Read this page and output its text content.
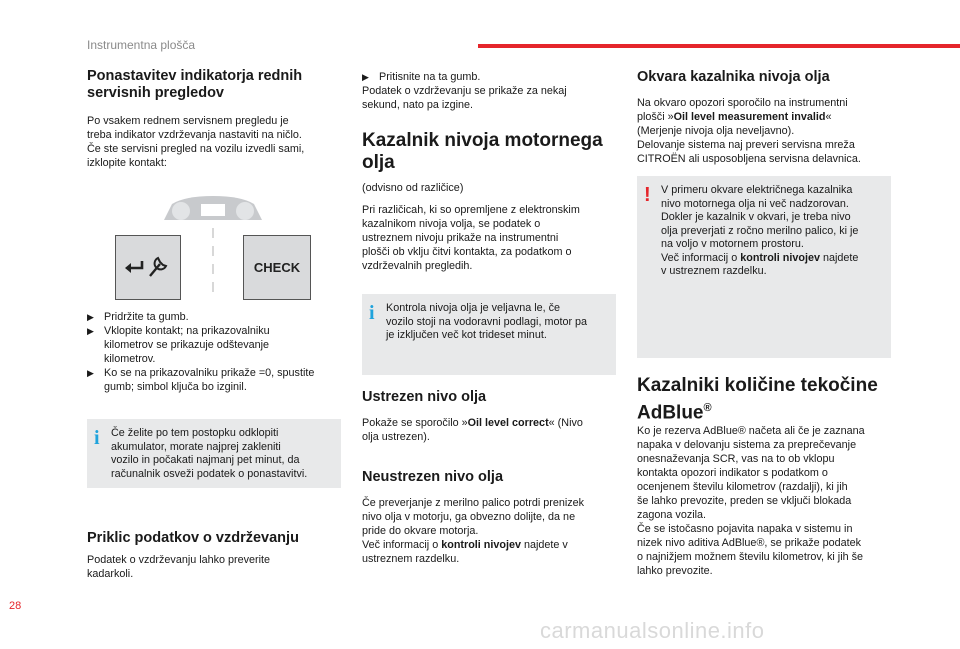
Instrumentna plošča
Ponastavitev indikatorja rednih
servisnih pregledov

Po vsakem rednem servisnem pregledu je

treba indikator vzdrževanja nastaviti na ničlo.

Če ste servisni pregled na vozilu izvedli sami,

izklopite kontakt:

CHECK
▶ Pridržite ta gumb.
▶ Vklopite kontakt; na prikazovalniku
kilometrov se prikazuje odštevanje
kilometrov.
▶ Ko se na prikazovalniku prikaže =0, spustite
gumb; simbol ključa bo izginil.
i Če želite po tem postopku odklopiti
akumulator, morate najprej zakleniti
vozilo in počakati najmanj pet minut, da
računalnik osveži podatek o ponastavitvi.
Priklic podatkov o vzdrževanju

Podatek o vzdrževanju lahko preverite

kadarkoli.

▶ Pritisnite na ta gumb.

Podatek o vzdrževanju se prikaže za nekaj

sekund, nato pa izgine.

Kazalnik nivoja motornega
olja

(odvisno od različice)

Pri različicah, ki so opremljene z elektronskim

kazalnikom nivoja volja, se podatek o

ustreznem nivoju prikaže na instrumentni

plošči ob vklju čitvi kontakta, za podatkom o

vzdrževalnih pregledih.

i Kontrola nivoja olja je veljavna le, če
vozilo stoji na vodoravni podlagi, motor pa
je izključen več kot trideset minut.
Ustrezen nivo olja

Pokaže se sporočilo »Oil level correct« (Nivo

olja ustrezen).

Neustrezen nivo olja

Če preverjanje z merilno palico potrdi prenizek

nivo olja v motorju, ga obvezno dolijte, da ne

pride do okvare motorja.

Več informacij o kontroli nivojev najdete v

ustreznem razdelku.

Okvara kazalnika nivoja olja

Na okvaro opozori sporočilo na instrumentni

plošči »Oil level measurement invalid«

(Merjenje nivoja olja neveljavno).

Delovanje sistema naj preveri servisna mreža

CITROËN ali usposobljena servisna delavnica.

! V primeru okvare električnega kazalnika
nivo motornega olja ni več nadzorovan.
Dokler je kazalnik v okvari, je treba nivo
olja preverjati z ročno merilno palico, ki je
na voljo v motornem prostoru.
Več informacij o kontroli nivojev najdete
v ustreznem razdelku.
Kazalniki količine tekočine
AdBlue®

Ko je rezerva AdBlue® načeta ali če je zaznana

napaka v delovanju sistema za preprečevanje

onesnaževanja SCR, vas na to ob vklopu

kontakta opozori indikator s podatkom o

ocenjenem številu kilometrov (razdalji), ki jih

še lahko prevozite, preden se vključi blokada

zagona vozila.

Če se istočasno pojavita napaka v sistemu in

nizek nivo aditiva AdBlue®, se prikaže podatek

o najnižjem možnem številu kilometrov, ki jih še

lahko prevozite.

28
carmanualsonline.info
